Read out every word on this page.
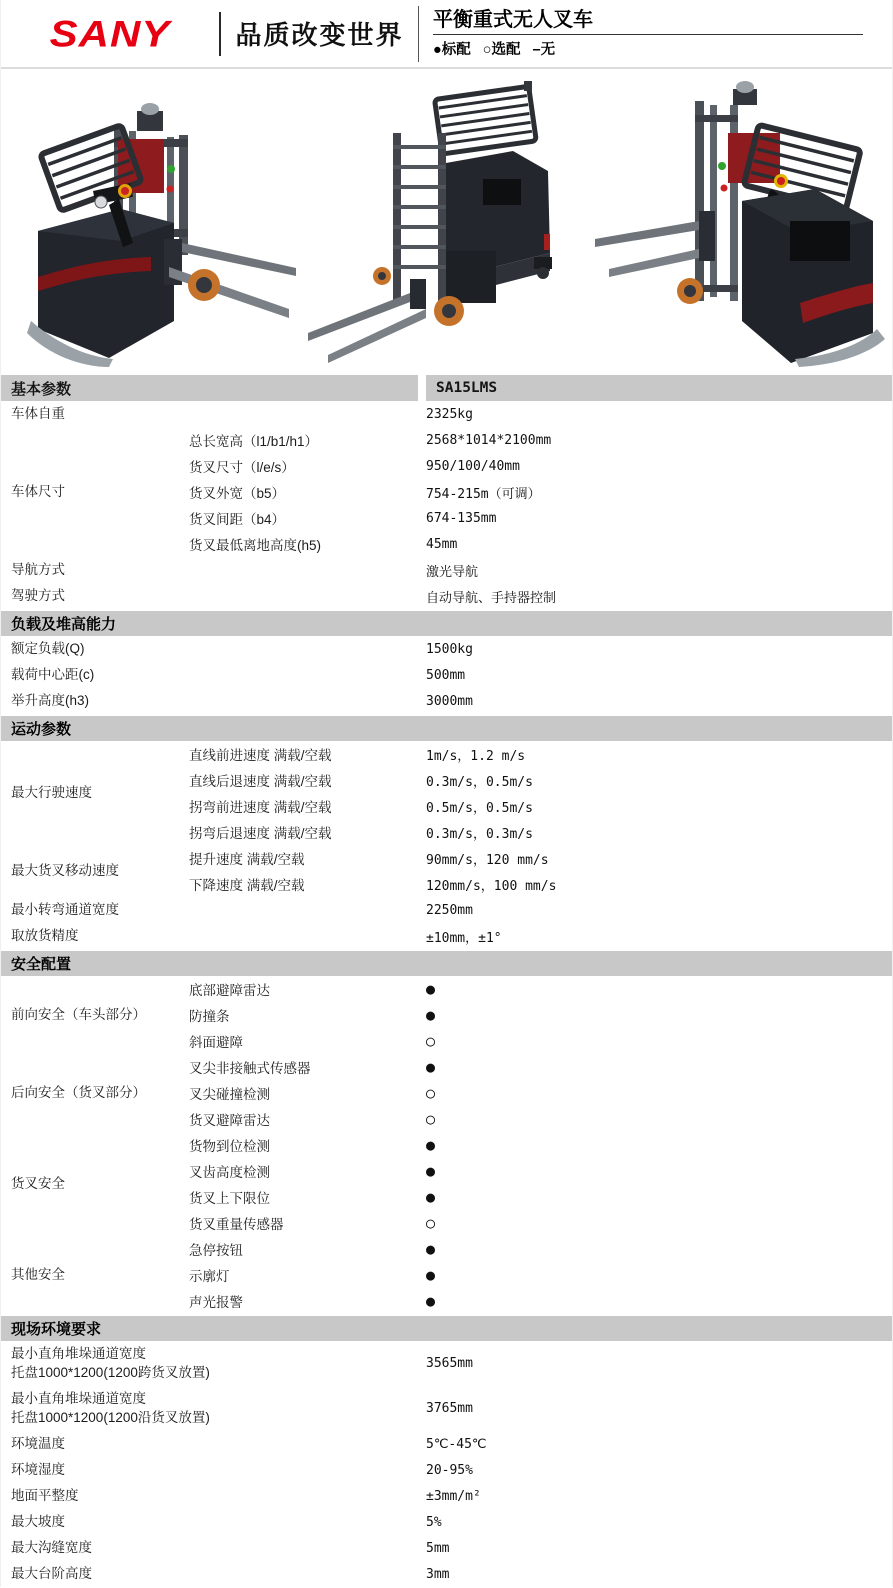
SANY	品质改变世界 平衡重式无人叉车
●标配 ○选配 –无
基本参数	SA15LMS
车体自重	2325kg
车体尺寸
总长宽高（l1/b1/h1）	2568*1014*2100mm
货叉尺寸（l/e/s）	950/100/40mm
货叉外宽（b5）	754-215m（可调）
货叉间距（b4）	674-135mm
货叉最低离地高度(h5)	45mm
导航方式	激光导航
驾驶方式	自动导航、手持器控制
负载及堆高能力
额定负载(Q)	1500kg
载荷中心距(c)	500mm
举升高度(h3)	3000mm
运动参数
最大行驶速度
直线前进速度 满载/空载	1m/s，1.2 m/s
直线后退速度 满载/空载	0.3m/s，0.5m/s
拐弯前进速度 满载/空载	0.5m/s，0.5m/s
拐弯后退速度 满载/空载	0.3m/s，0.3m/s
最大货叉移动速度
提升速度 满载/空载	90mm/s，120 mm/s
下降速度 满载/空载	120mm/s，100 mm/s
最小转弯通道宽度	2250mm
取放货精度	±10mm，±1°
安全配置
前向安全（车头部分）
底部避障雷达	●
防撞条	●
斜面避障	○
后向安全（货叉部分）
叉尖非接触式传感器	●
叉尖碰撞检测	○
货叉避障雷达	○
货叉安全
货物到位检测	●
叉齿高度检测	●
货叉上下限位	●
货叉重量传感器	○
其他安全
急停按钮	●
示廓灯	●
声光报警	●
现场环境要求
最小直角堆垛通道宽度
托盘1000*1200(1200跨货叉放置)
3565mm
最小直角堆垛通道宽度
托盘1000*1200(1200沿货叉放置)
3765mm
环境温度	5℃-45℃
环境湿度	20-95%
地面平整度	±3mm/m²
最大坡度	5%
最大沟缝宽度	5mm
最大台阶高度	3mm
